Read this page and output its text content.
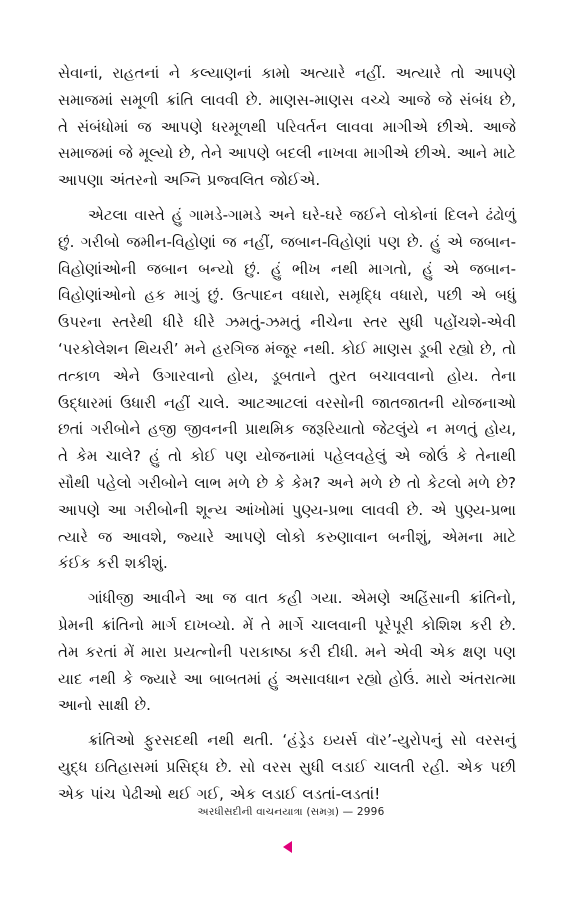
સેવાનાં, રાહતનાં ને કલ્યાણનાં કામો અત્યારે નહીં. અત્યારે તો આપણે સમાજમાં સમૂળી ક્રાંતિ લાવવી છે. માણસ-માણસ વચ્ચે આજે જે સંબંધ છે, તે સંબંધોમાં જ આપણે ધરમૂળથી પરિવર્તન લાવવા માગીએ છીએ. આજે સમાજમાં જે મૂલ્યો છે, તેને આપણે બદલી નાખવા માગીએ છીએ. આને માટે આપણા અંતરનો અગ્નિ પ્રજ્વલિત જોઈએ.

એટલા વાસ્તે હું ગામડે-ગામડે અને ઘરે-ઘરે જઈને લોકોનાં દિલને ઢંઢોળું છું. ગરીબો જમીન-વિહોણાં જ નહીં, જબાન-વિહોણાં પણ છે. હું એ જબાન-વિહોણાંઓની જબાન બન્યો છું. હું ભીખ નથી માગતો, હું એ જબાન-વિહોણાંઓનો હક માગું છું. ઉત્પાદન વધારો, સમૃદ્ધિ વધારો, પછી એ બધું ઉપરના સ્તરેથી ધીરે ધીરે ઝમતું-ઝમતું નીચેના સ્તર સુધી પહોંચશે-એવી ‘પરકોલેશન થિયરી’ મને હરગિજ મંજૂર નથી. કોઈ માણસ ડૂબી રહ્યો છે, તો તત્કાળ એને ઉગારવાનો હોય, ડૂબતાને તુરત બચાવવાનો હોય. તેના ઉદ્ધારમાં ઉધારી નહીં ચાલે. આટઆટલાં વરસોની જાતજાતની યોજનાઓ છતાં ગરીબોને હજી જીવનની પ્રાથમિક જરૂરિયાતો જેટલુંયે ન મળતું હોય, તે કેમ ચાલે? હું તો કોઈ પણ યોજનામાં પહેલવહેલું એ જોઉં કે તેનાથી સૌથી પહેલો ગરીબોને લાભ મળે છે કે કેમ? અને મળે છે તો કેટલો મળે છે? આપણે આ ગરીબોની શૂન્ય આંખોમાં પુણ્ય-પ્રભા લાવવી છે. એ પુણ્ય-પ્રભા ત્યારે જ આવશે, જ્યારે આપણે લોકો કરુણાવાન બનીશું, એમના માટે કંઈક કરી શકીશું.

ગાંધીજી આવીને આ જ વાત કહી ગયા. એમણે અહિંસાની ક્રાંતિનો, પ્રેમની ક્રાંતિનો માર્ગ દાખવ્યો. મેં તે માર્ગે ચાલવાની પૂરેપૂરી કોશિશ કરી છે. તેમ કરતાં મેં મારા પ્રયત્નોની પરાકાષ્ઠા કરી દીધી. મને એવી એક ક્ષણ પણ યાદ નથી કે જ્યારે આ બાબતમાં હું અસાવધાન રહ્યો હોઉં. મારો અંતરાત્મા આનો સાક્ષી છે.

ક્રાંતિઓ ફુરસદથી નથી થતી. ‘હંડ્રેડ ઇયર્સ વૉર’-યુરોપનું સો વરસનું યુદ્ધ ઇતિહાસમાં પ્રસિદ્ધ છે. સો વરસ સુધી લડાઈ ચાલતી રહી. એક પછી એક પાંચ પેઢીઓ થઈ ગઈ, એક લડાઈ લડતાં-લડતાં!

અરધીસદીની વાચનયાત્રા (સમગ્ર) — 2996
